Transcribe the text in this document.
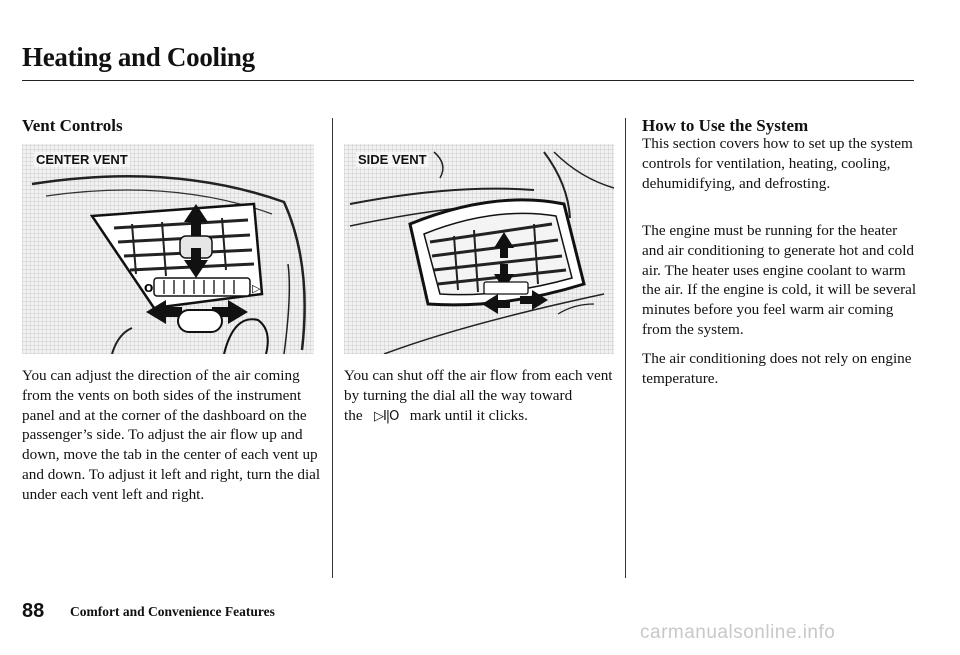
Heating and Cooling
Vent Controls
CENTER VENT
O	▷

You can adjust the direction of the air coming from the vents on both sides of the instrument panel and at the corner of the dashboard on the passenger’s side. To adjust the air flow up and down, move the tab in the center of each vent up and down. To adjust it left and right, turn the dial under each vent left and right.

SIDE VENT

You can shut off the air flow from each vent by turning the dial all the way toward the ▷I|O mark until it clicks.

How to Use the System

This section covers how to set up the system controls for ventilation, heating, cooling, dehumidifying, and defrosting.

The engine must be running for the heater and air conditioning to generate hot and cold air. The heater uses engine coolant to warm the air. If the engine is cold, it will be several minutes before you feel warm air coming from the system.

The air conditioning does not rely on engine temperature.

88 Comfort and Convenience Features
carmanualsonline.info
